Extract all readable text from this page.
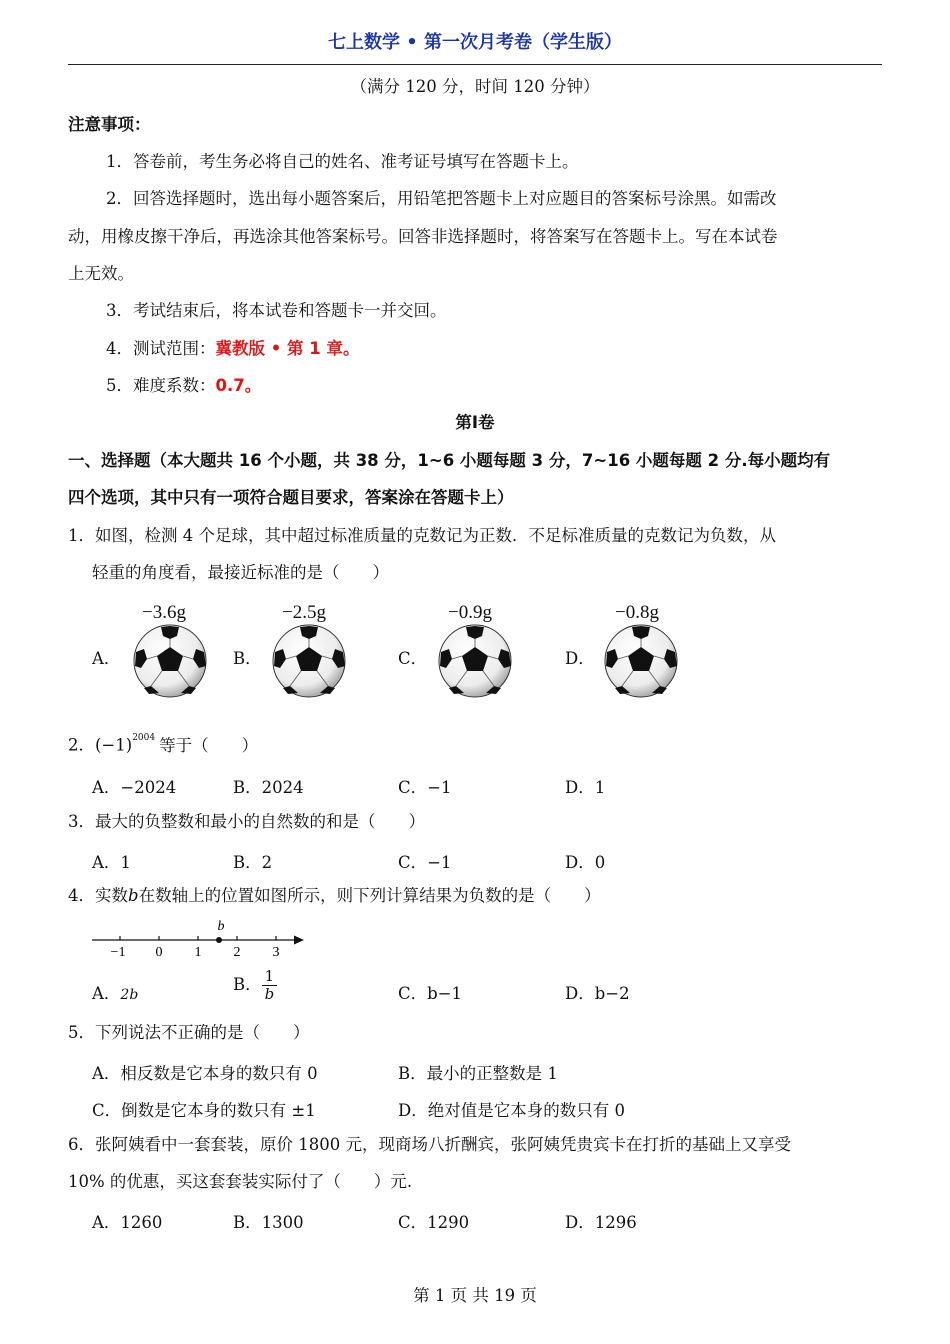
七上数学 • 第一次月考卷（学生版）
（满分 120 分，时间 120 分钟）
注意事项：
1．答卷前，考生务必将自己的姓名、准考证号填写在答题卡上。
2．回答选择题时，选出每小题答案后，用铅笔把答题卡上对应题目的答案标号涂黑。如需改
动，用橡皮擦干净后，再选涂其他答案标号。回答非选择题时，将答案写在答题卡上。写在本试卷
上无效。
3．考试结束后，将本试卷和答题卡一并交回。
4．测试范围：冀教版 • 第 1 章。
5．难度系数：0.7。
第Ⅰ卷
一、选择题（本大题共 16 个小题，共 38 分，1~6 小题每题 3 分，7~16 小题每题 2 分.每小题均有
四个选项，其中只有一项符合题目要求，答案涂在答题卡上）
1．如图，检测 4 个足球，其中超过标准质量的克数记为正数．不足标准质量的克数记为负数，从
轻重的角度看，最接近标准的是（　　）
A．
−3.6g
B．
−2.5g
C．
−0.9g
D．
−0.8g
2．$(-1)^{2004}$ 等于（　　）
A．−2024	B．2024	C．−1	D．1
3．最大的负整数和最小的自然数的和是（　　）
A．1	B．2	C．−1	D．0
4．实数b在数轴上的位置如图所示，则下列计算结果为负数的是（　　）
b
−1 0 1 2 3
A．2b
B． $\frac{1}{b}$	C．b−1	D．b−2
5．下列说法不正确的是（　　）
A．相反数是它本身的数只有 0	B．最小的正整数是 1
C．倒数是它本身的数只有 ±1	D．绝对值是它本身的数只有 0
6．张阿姨看中一套套装，原价 1800 元，现商场八折酬宾，张阿姨凭贵宾卡在打折的基础上又享受
10% 的优惠，买这套套装实际付了（　　）元.
A．1260	B．1300	C．1290	D．1296
第 1 页 共 19 页
